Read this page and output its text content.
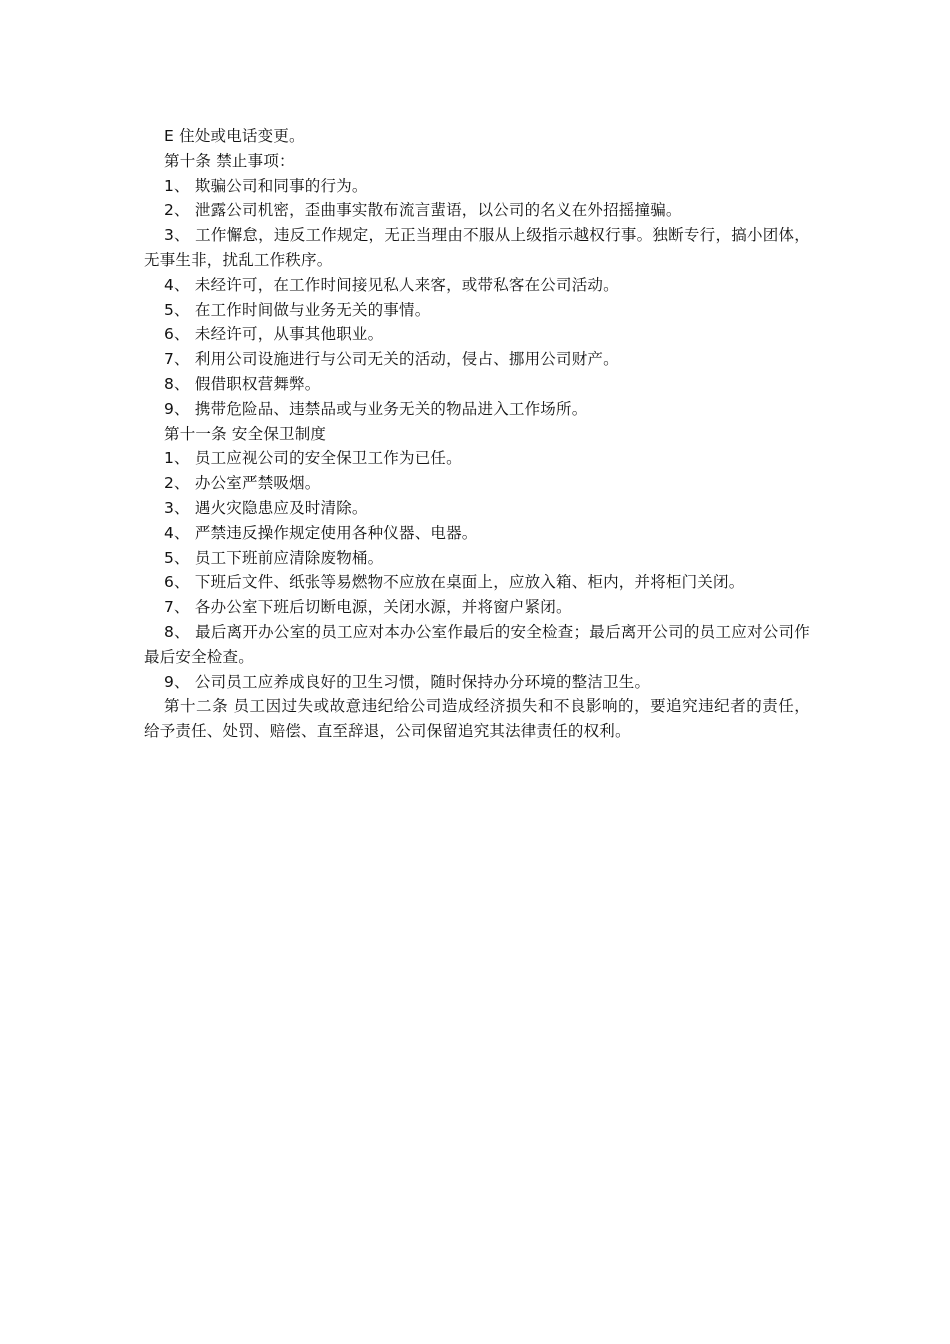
E 住处或电话变更。

第十条 禁止事项：

1、 欺骗公司和同事的行为。

2、 泄露公司机密，歪曲事实散布流言蜚语，以公司的名义在外招摇撞骗。

3、 工作懈怠，违反工作规定，无正当理由不服从上级指示越权行事。独断专行，搞小团体，无事生非，扰乱工作秩序。

4、 未经许可，在工作时间接见私人来客，或带私客在公司活动。

5、 在工作时间做与业务无关的事情。

6、 未经许可，从事其他职业。

7、 利用公司设施进行与公司无关的活动，侵占、挪用公司财产。

8、 假借职权营舞弊。

9、 携带危险品、违禁品或与业务无关的物品进入工作场所。

第十一条 安全保卫制度

1、 员工应视公司的安全保卫工作为已任。

2、 办公室严禁吸烟。

3、 遇火灾隐患应及时清除。

4、 严禁违反操作规定使用各种仪器、电器。

5、 员工下班前应清除废物桶。

6、 下班后文件、纸张等易燃物不应放在桌面上，应放入箱、柜内，并将柜门关闭。

7、 各办公室下班后切断电源，关闭水源，并将窗户紧闭。

8、 最后离开办公室的员工应对本办公室作最后的安全检查；最后离开公司的员工应对公司作最后安全检查。

9、 公司员工应养成良好的卫生习惯，随时保持办分环境的整洁卫生。

第十二条 员工因过失或故意违纪给公司造成经济损失和不良影响的，要追究违纪者的责任，给予责任、处罚、赔偿、直至辞退，公司保留追究其法律责任的权利。
